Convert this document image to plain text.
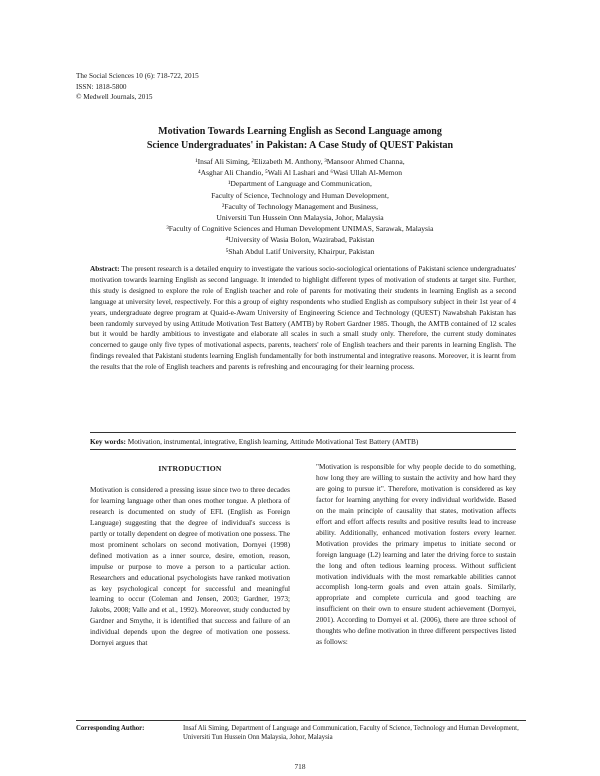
The Social Sciences 10 (6): 718-722, 2015
ISSN: 1818-5800
© Medwell Journals, 2015
Motivation Towards Learning English as Second Language among
Science Undergraduates' in Pakistan: A Case Study of QUEST Pakistan
¹Insaf Ali Siming, ²Elizabeth M. Anthony, ³Mansoor Ahmed Channa,
⁴Asghar Ali Chandio, ⁵Wali Al Lashari and ⁶Wasi Ullah Al-Memon
¹Department of Language and Communication,
Faculty of Science, Technology and Human Development,
²Faculty of Technology Management and Business,
Universiti Tun Hussein Onn Malaysia, Johor, Malaysia
³Faculty of Cognitive Sciences and Human Development UNIMAS, Sarawak, Malaysia
⁴University of Wasia Bolon, Wazirabad, Pakistan
⁵Shah Abdul Latif University, Khairpur, Pakistan
Abstract: The present research is a detailed enquiry to investigate the various socio-sociological orientations of Pakistani science undergraduates' motivation towards learning English as second language. It intended to highlight different types of motivation of students at target site. Further, this study is designed to explore the role of English teacher and role of parents for motivating their students in learning English as a second language at university level, respectively. For this a group of eighty respondents who studied English as compulsory subject in their 1st year of 4 years, undergraduate degree program at Quaid-e-Awam University of Engineering Science and Technology (QUEST) Nawabshah Pakistan has been randomly surveyed by using Attitude Motivation Test Battery (AMTB) by Robert Gardner 1985. Though, the AMTB contained of 12 scales but it would be hardly ambitious to investigate and elaborate all scales in such a small study only. Therefore, the current study dominates concerned to gauge only five types of motivational aspects, parents, teachers' role of English teachers and their parents in learning English. The findings revealed that Pakistani students learning English fundamentally for both instrumental and integrative reasons. Moreover, it is learnt from the results that the role of English teachers and parents is refreshing and encouraging for their learning process.
Key words: Motivation, instrumental, integrative, English learning, Attitude Motivational Test Battery (AMTB)
INTRODUCTION

Motivation is considered a pressing issue since two to three decades for learning language other than ones mother tongue. A plethora of research is documented on study of EFL (English as Foreign Language) suggesting that the degree of individual's success is partly or totally dependent on degree of motivation one possess. The most prominent scholars on second motivation, Dornyei (1998) defined motivation as a inner source, desire, emotion, reason, impulse or purpose to move a person to a particular action. Researchers and educational psychologists have ranked motivation as key psychological concept for successful and meaningful learning to occur (Coleman and Jensen, 2003; Gardner, 1973; Jakobs, 2008; Valle and et al., 1992). Moreover, study conducted by Gardner and Smythe, it is identified that success and failure of an individual depends upon the degree of motivation one possess. Dornyei argues that

"Motivation is responsible for why people decide to do something, how long they are willing to sustain the activity and how hard they are going to pursue it". Therefore, motivation is considered as key factor for learning anything for every individual worldwide. Based on the main principle of causality that states, motivation affects effort and effort affects results and positive results lead to increase ability. Additionally, enhanced motivation fosters every learner. Motivation provides the primary impetus to initiate second or foreign language (L2) learning and later the driving force to sustain the long and often tedious learning process. Without sufficient motivation individuals with the most remarkable abilities cannot accomplish long-term goals and even attain goals. Similarly, appropriate and complete curricula and good teaching are insufficient on their own to ensure student achievement (Dornyei, 2001). According to Dornyei et al. (2006), there are three school of thoughts who define motivation in three different perspectives listed as follows:

Corresponding Author:	Insaf Ali Siming, Department of Language and Communication, Faculty of Science, Technology and Human Development, Universiti Tun Hussein Onn Malaysia, Johor, Malaysia
718
